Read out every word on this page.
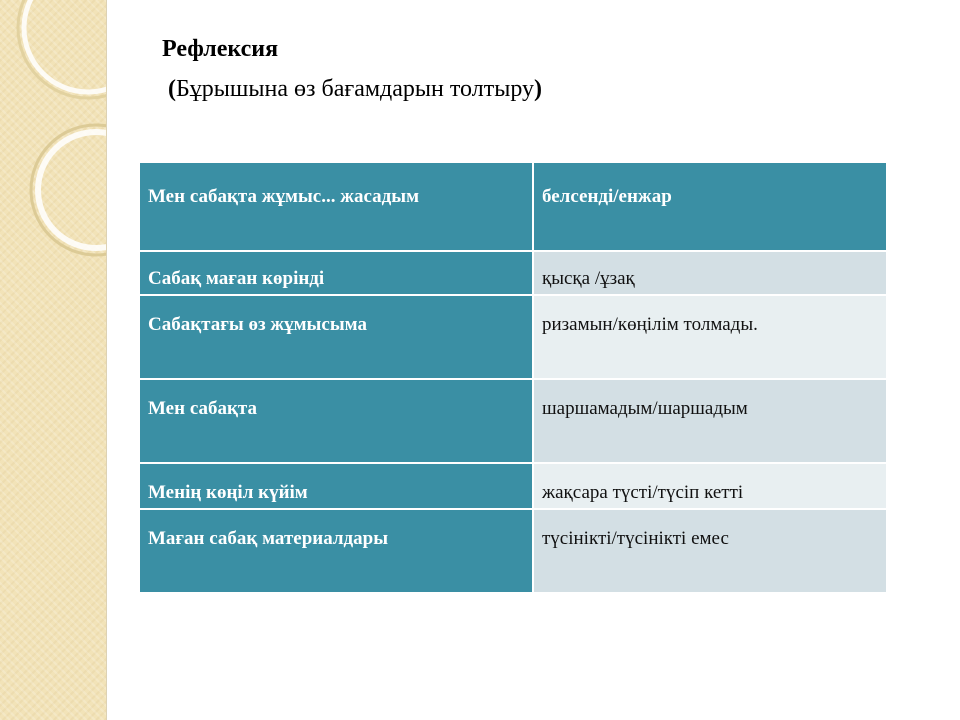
Рефлексия
(Бұрышына өз бағамдарын толтыру)
Мен сабақта жұмыс... жасадым	белсенді/енжар
Сабақ маған көрінді	қысқа /ұзақ
Сабақтағы өз жұмысыма	ризамын/көңілім толмады.
Мен сабақта	шаршамадым/шаршадым
Менің көңіл күйім	жақсара түсті/түсіп кетті
Маған сабақ материалдары	түсінікті/түсінікті емес
